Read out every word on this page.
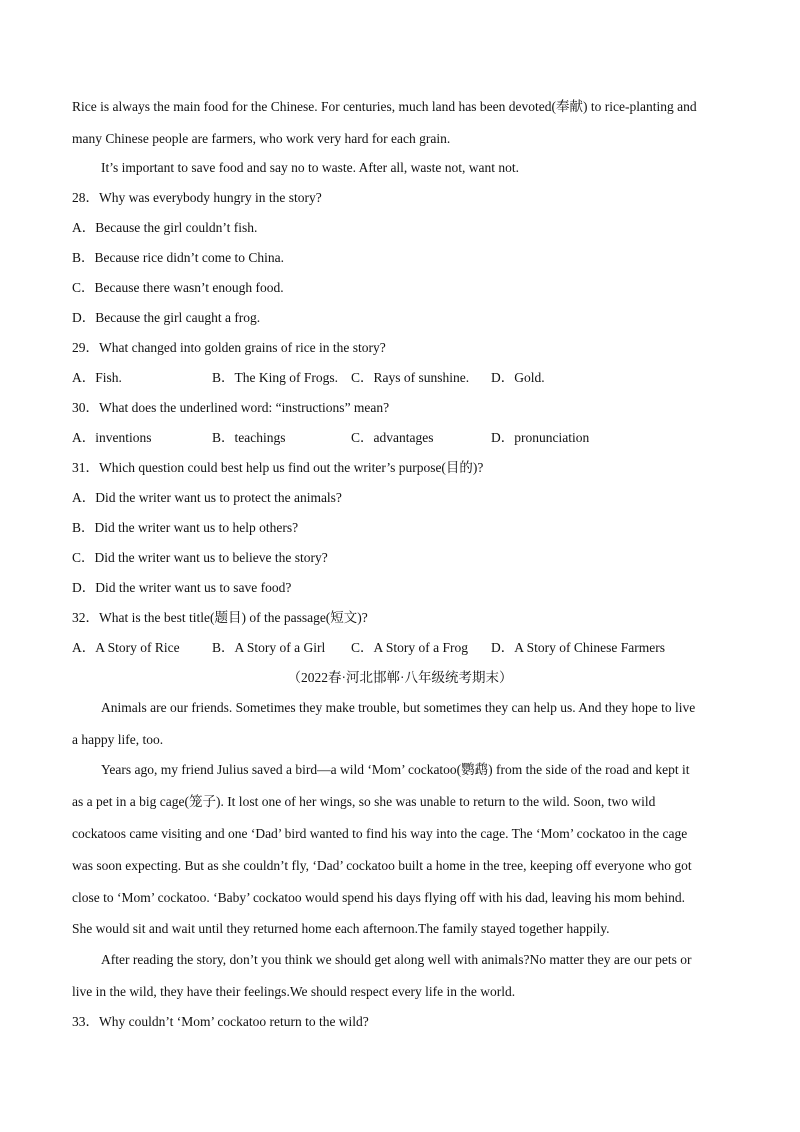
Rice is always the main food for the Chinese. For centuries, much land has been devoted(奉献) to rice-planting and
many Chinese people are farmers, who work very hard for each grain.
It’s important to save food and say no to waste. After all, waste not, want not.
28．Why was everybody hungry in the story?
A．Because the girl couldn’t fish.
B．Because rice didn’t come to China.
C．Because there wasn’t enough food.
D．Because the girl caught a frog.
29．What changed into golden grains of rice in the story?
A．Fish.	B．The King of Frogs. C．Rays of sunshine. D．Gold.
30．What does the underlined word: “instructions” mean?
A．inventions	B．teachings	C．advantages	D．pronunciation
31．Which question could best help us find out the writer’s purpose(目的)?
A．Did the writer want us to protect the animals?
B．Did the writer want us to help others?
C．Did the writer want us to believe the story?
D．Did the writer want us to save food?
32．What is the best title(题目) of the passage(短文)?
A．A Story of Rice B．A Story of a Girl C．A Story of a Frog D．A Story of Chinese Farmers
（2022春·河北邯郸·八年级统考期末）
Animals are our friends. Sometimes they make trouble, but sometimes they can help us. And they hope to live
a happy life, too.
Years ago, my friend Julius saved a bird—a wild ‘Mom’ cockatoo(鹦鹉) from the side of the road and kept it
as a pet in a big cage(笼子). It lost one of her wings, so she was unable to return to the wild. Soon, two wild
cockatoos came visiting and one ‘Dad’ bird wanted to find his way into the cage. The ‘Mom’ cockatoo in the cage
was soon expecting. But as she couldn’t fly, ‘Dad’ cockatoo built a home in the tree, keeping off everyone who got
close to ‘Mom’ cockatoo. ‘Baby’ cockatoo would spend his days flying off with his dad, leaving his mom behind.
She would sit and wait until they returned home each afternoon.The family stayed together happily.
After reading the story, don’t you think we should get along well with animals?No matter they are our pets or
live in the wild, they have their feelings.We should respect every life in the world.
33．Why couldn’t ‘Mom’ cockatoo return to the wild?
